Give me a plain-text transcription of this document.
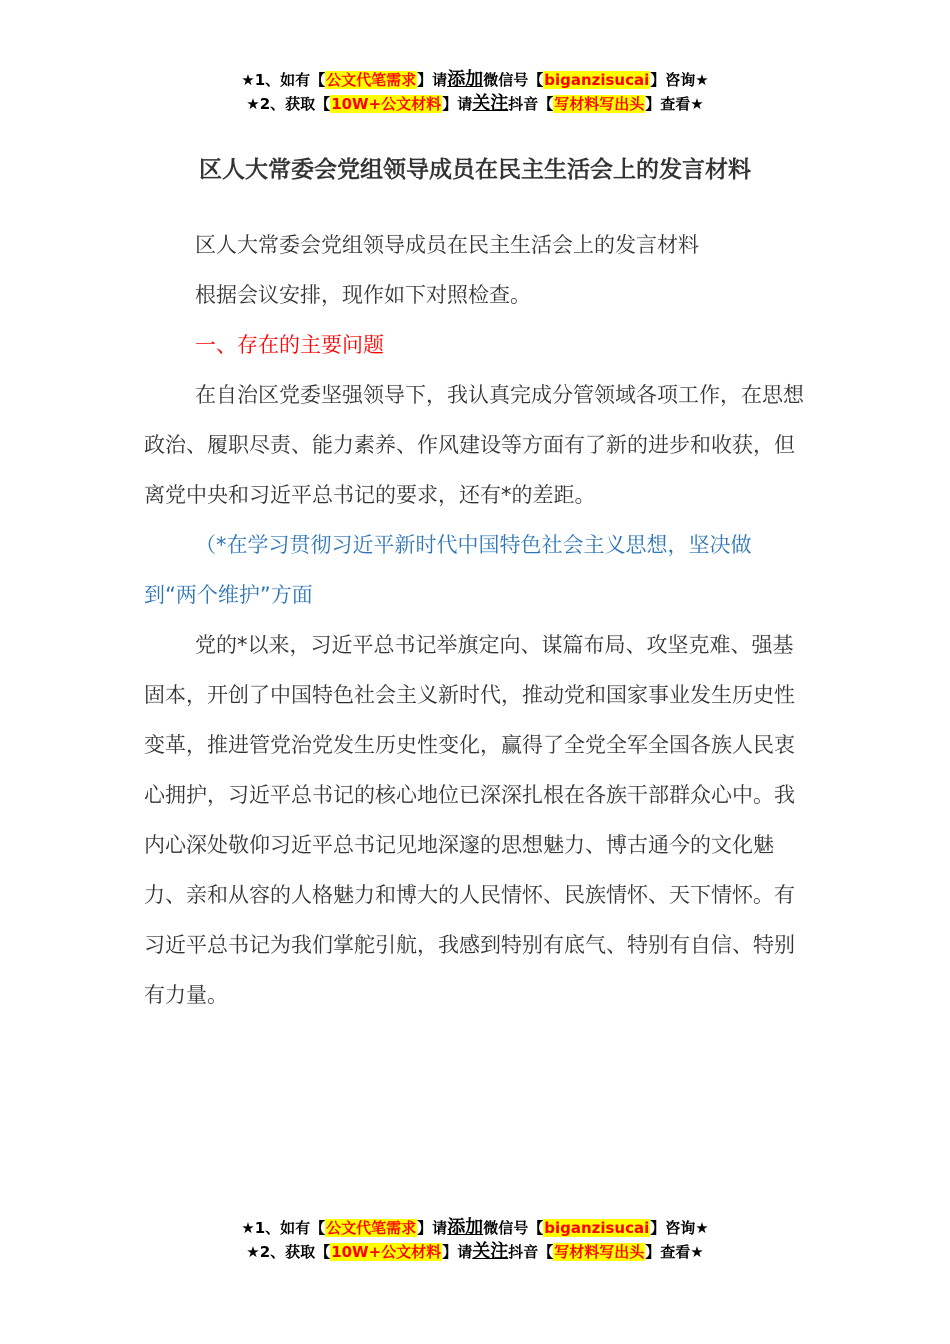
★1、如有【公文代笔需求】请添加微信号【biganzisucai】咨询★
★2、获取【10W+公文材料】请关注抖音【写材料写出头】查看★
区人大常委会党组领导成员在民主生活会上的发言材料

区人大常委会党组领导成员在民主生活会上的发言材料

根据会议安排，现作如下对照检查。

一、存在的主要问题

在自治区党委坚强领导下，我认真完成分管领域各项工作，在思想政治、履职尽责、能力素养、作风建设等方面有了新的进步和收获，但离党中央和习近平总书记的要求，还有*的差距。

（*在学习贯彻习近平新时代中国特色社会主义思想，坚决做到“两个维护”方面

党的*以来，习近平总书记举旗定向、谋篇布局、攻坚克难、强基固本，开创了中国特色社会主义新时代，推动党和国家事业发生历史性变革，推进管党治党发生历史性变化，赢得了全党全军全国各族人民衷心拥护，习近平总书记的核心地位已深深扎根在各族干部群众心中。我内心深处敬仰习近平总书记见地深邃的思想魅力、博古通今的文化魅力、亲和从容的人格魅力和博大的人民情怀、民族情怀、天下情怀。有习近平总书记为我们掌舵引航，我感到特别有底气、特别有自信、特别有力量。

★1、如有【公文代笔需求】请添加微信号【biganzisucai】咨询★
★2、获取【10W+公文材料】请关注抖音【写材料写出头】查看★
